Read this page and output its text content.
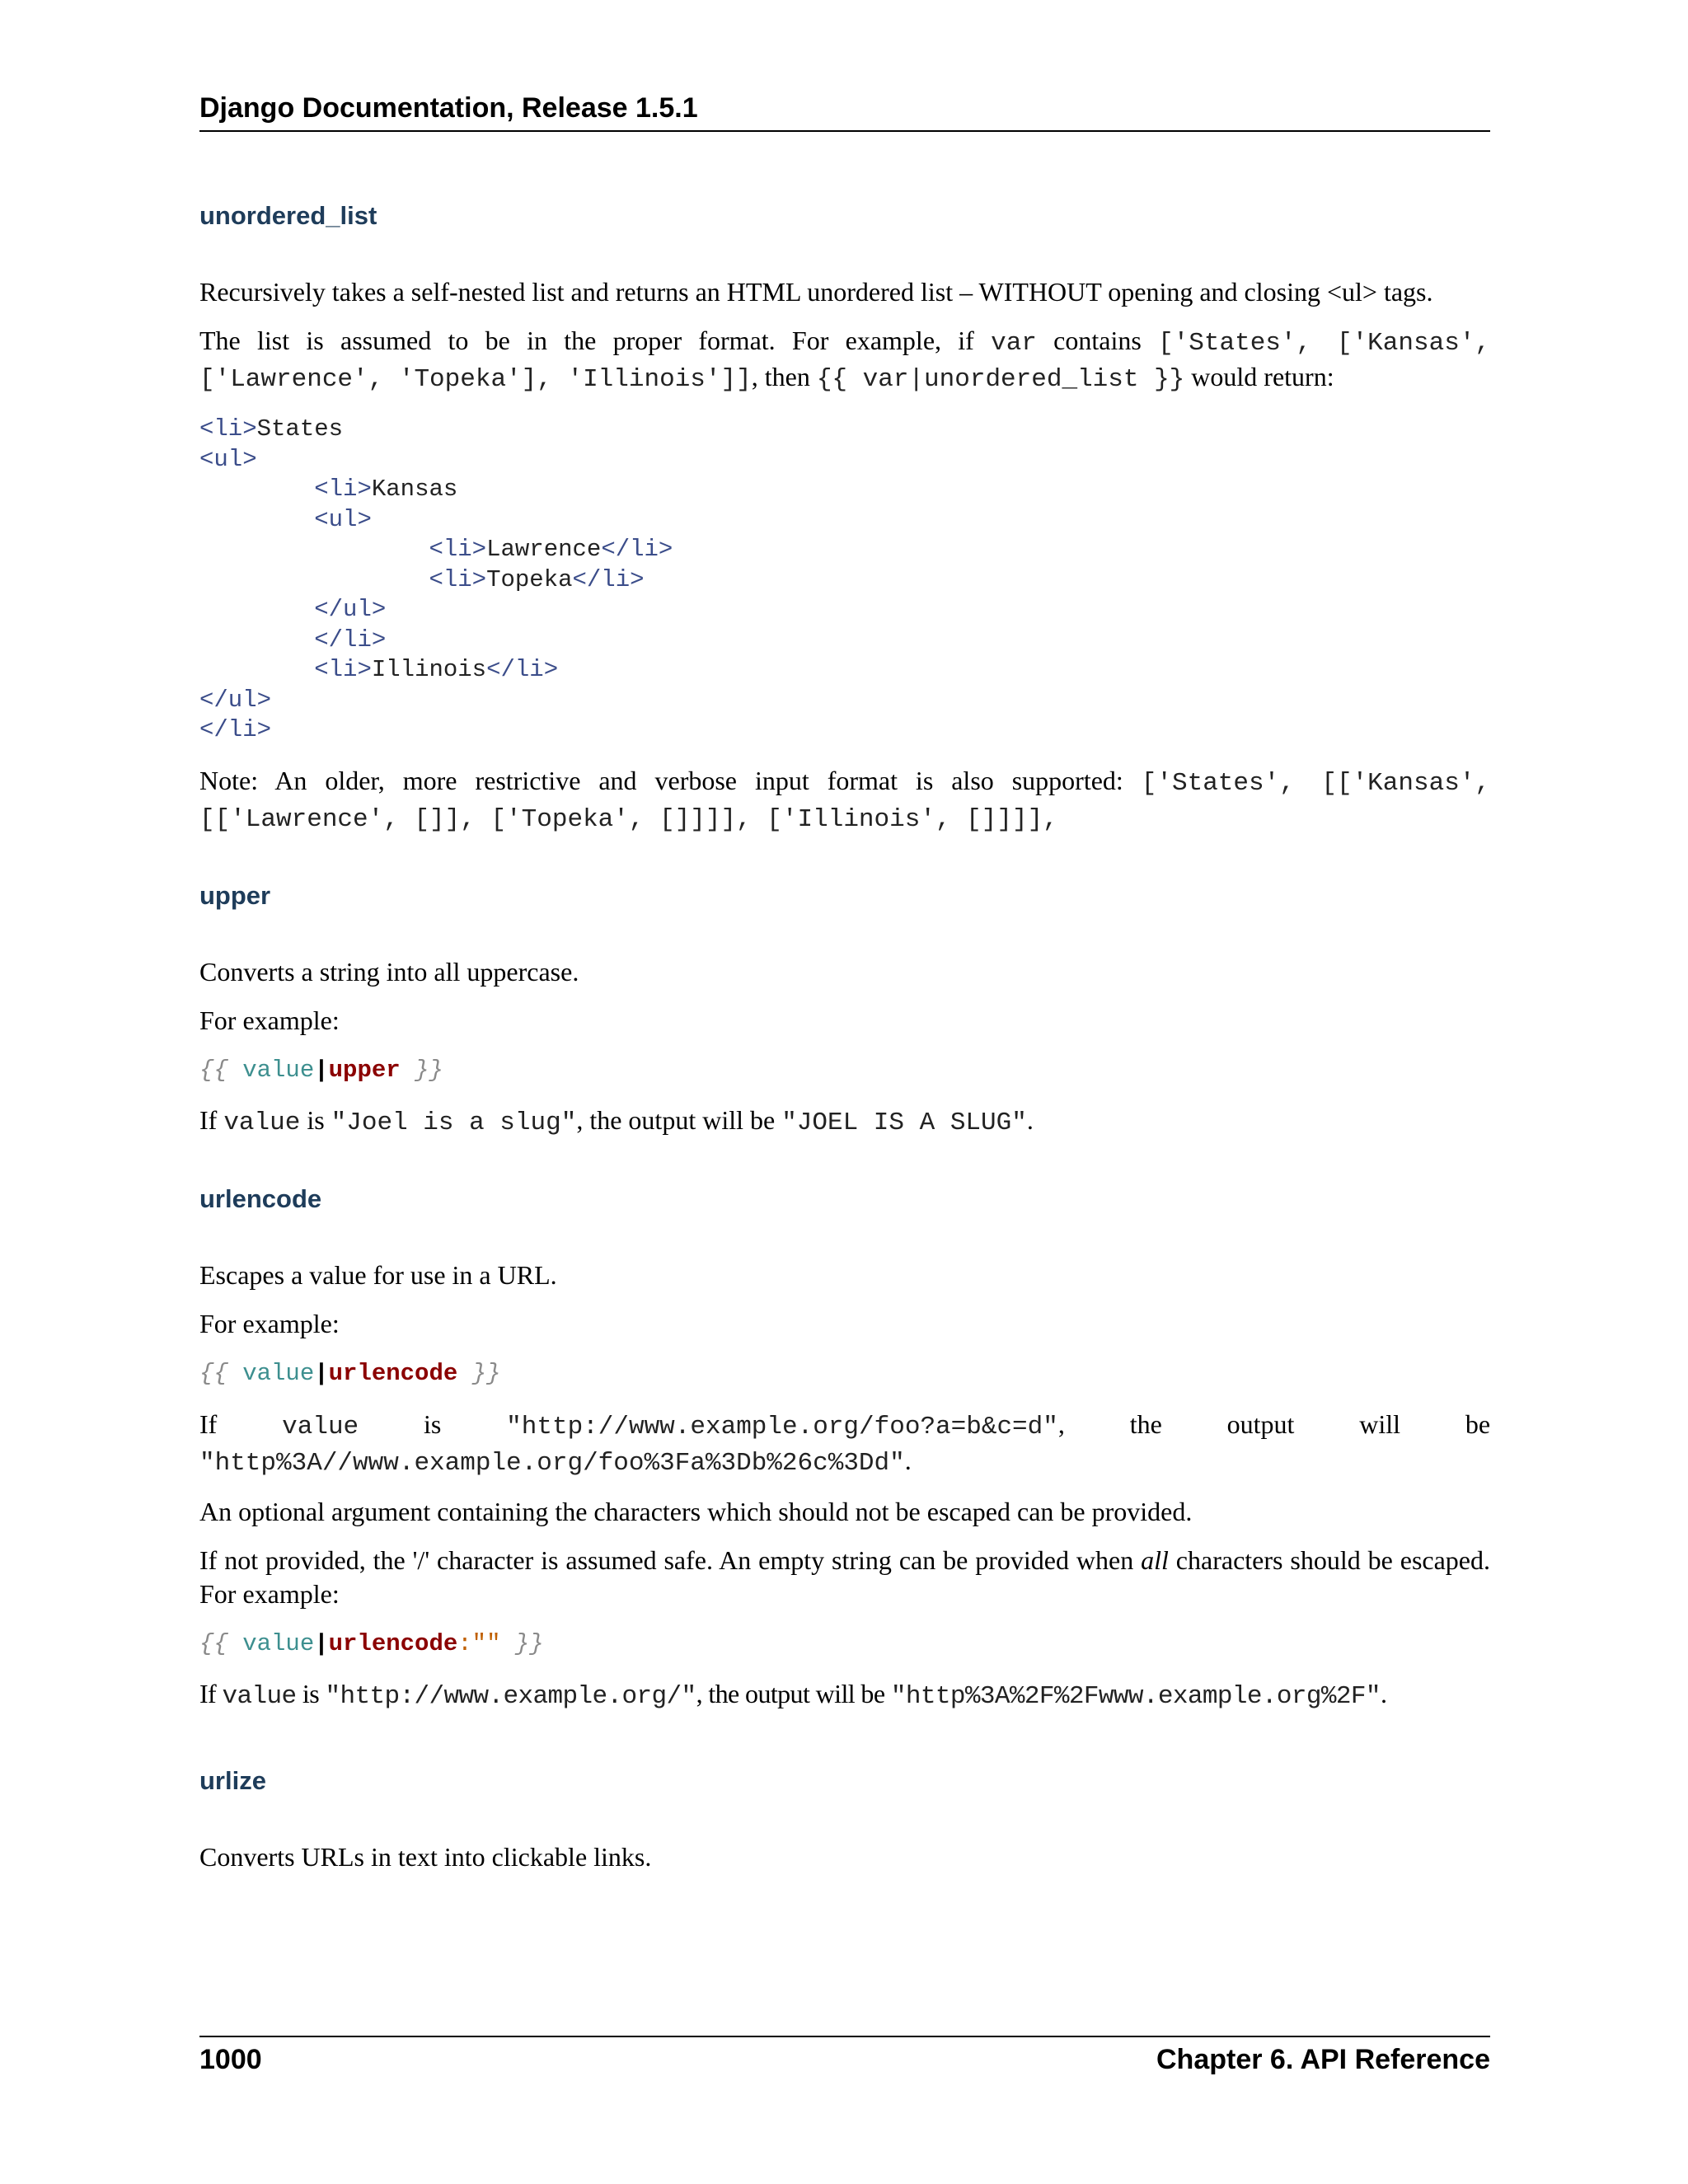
Django Documentation, Release 1.5.1
unordered_list

Recursively takes a self-nested list and returns an HTML unordered list – WITHOUT opening and closing <ul> tags.

The list is assumed to be in the proper format. For example, if var contains ['States', ['Kansas', ['Lawrence', 'Topeka'], 'Illinois']], then {{ var|unordered_list }} would return:

<li>States
<ul>
<li>Kansas
<ul>
<li>Lawrence</li>
<li>Topeka</li>
</ul>
</li>
<li>Illinois</li>
</ul>
</li>

Note: An older, more restrictive and verbose input format is also supported: ['States', [['Kansas', [['Lawrence', []], ['Topeka', []]]], ['Illinois', []]]],

upper

Converts a string into all uppercase.

For example:

{{ value|upper }}

If value is "Joel is a slug", the output will be "JOEL IS A SLUG".

urlencode

Escapes a value for use in a URL.

For example:

{{ value|urlencode }}

If value is "http://www.example.org/foo?a=b&c=d", the output will be "http%3A//www.example.org/foo%3Fa%3Db%26c%3Dd".

An optional argument containing the characters which should not be escaped can be provided.

If not provided, the '/' character is assumed safe. An empty string can be provided when all characters should be escaped. For example:

{{ value|urlencode:"" }}

If value is "http://www.example.org/", the output will be "http%3A%2F%2Fwww.example.org%2F".

urlize

Converts URLs in text into clickable links.

1000	Chapter 6. API Reference
